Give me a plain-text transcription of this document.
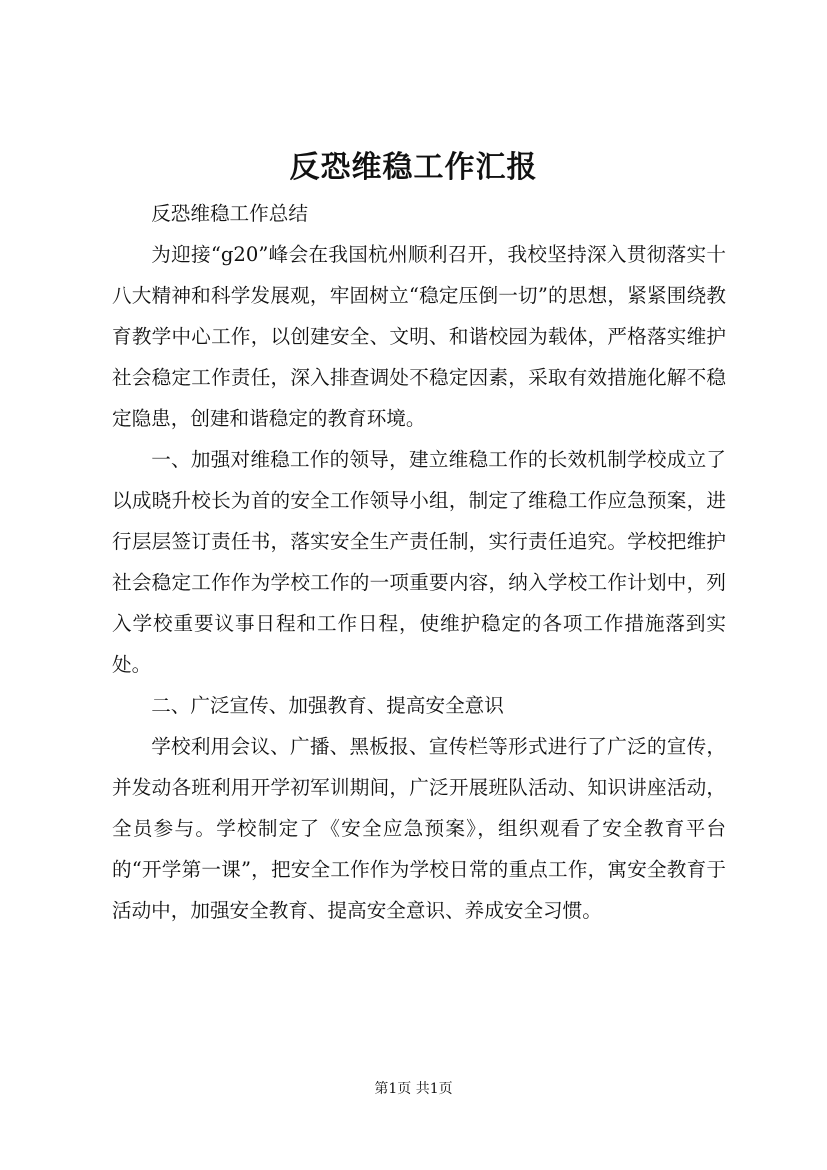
反恐维稳工作汇报

反恐维稳工作总结

为迎接“g20”峰会在我国杭州顺利召开，我校坚持深入贯彻落实十八大精神和科学发展观，牢固树立“稳定压倒一切”的思想，紧紧围绕教育教学中心工作，以创建安全、文明、和谐校园为载体，严格落实维护社会稳定工作责任，深入排查调处不稳定因素，采取有效措施化解不稳定隐患，创建和谐稳定的教育环境。

一、加强对维稳工作的领导，建立维稳工作的长效机制学校成立了以成晓升校长为首的安全工作领导小组，制定了维稳工作应急预案，进行层层签订责任书，落实安全生产责任制，实行责任追究。学校把维护社会稳定工作作为学校工作的一项重要内容，纳入学校工作计划中，列入学校重要议事日程和工作日程，使维护稳定的各项工作措施落到实处。

二、广泛宣传、加强教育、提高安全意识

学校利用会议、广播、黑板报、宣传栏等形式进行了广泛的宣传，并发动各班利用开学初军训期间，广泛开展班队活动、知识讲座活动，全员参与。学校制定了《安全应急预案》，组织观看了安全教育平台的“开学第一课”，把安全工作作为学校日常的重点工作，寓安全教育于活动中，加强安全教育、提高安全意识、养成安全习惯。

第1页 共1页
